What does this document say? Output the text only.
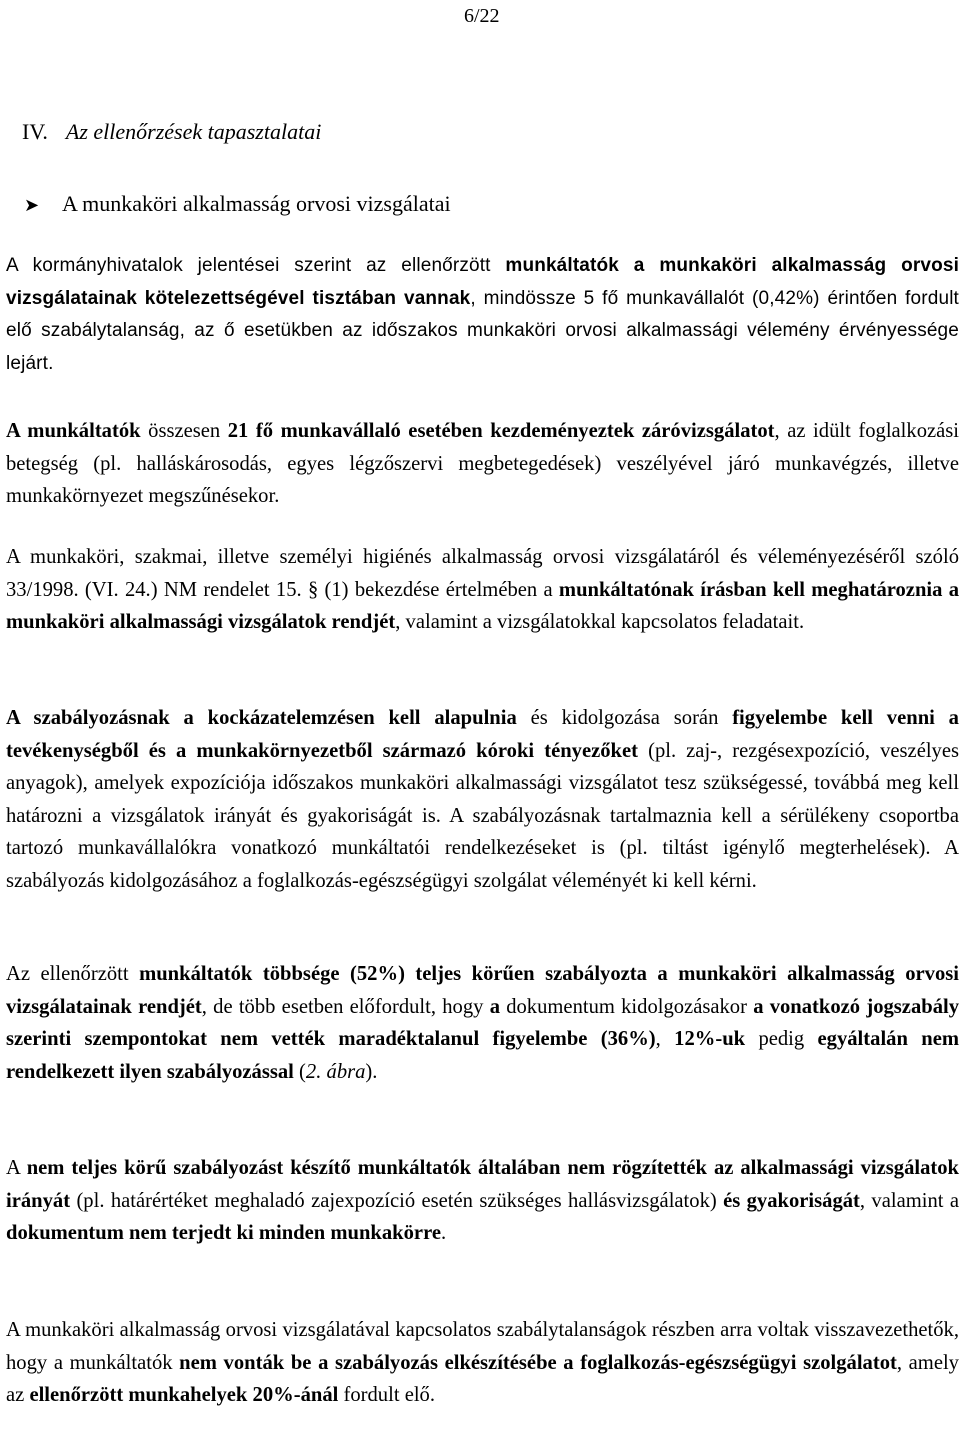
6/22
IV. Az ellenőrzések tapasztalatai
➤ A munkaköri alkalmasság orvosi vizsgálatai

A kormányhivatalok jelentései szerint az ellenőrzött munkáltatók a munkaköri alkalmasság orvosi vizsgálatainak kötelezettségével tisztában vannak, mindössze 5 fő munkavállalót (0,42%) érintően fordult elő szabálytalanság, az ő esetükben az időszakos munkaköri orvosi alkalmassági vélemény érvényessége lejárt.

A munkáltatók összesen 21 fő munkavállaló esetében kezdeményeztek záróvizsgálatot, az idült foglalkozási betegség (pl. halláskárosodás, egyes légzőszervi megbetegedések) veszélyével járó munkavégzés, illetve munkakörnyezet megszűnésekor.

A munkaköri, szakmai, illetve személyi higiénés alkalmasság orvosi vizsgálatáról és véleményezéséről szóló 33/1998. (VI. 24.) NM rendelet 15. § (1) bekezdése értelmében a munkáltatónak írásban kell meghatároznia a munkaköri alkalmassági vizsgálatok rendjét, valamint a vizsgálatokkal kapcsolatos feladatait.

A szabályozásnak a kockázatelemzésen kell alapulnia és kidolgozása során figyelembe kell venni a tevékenységből és a munkakörnyezetből származó kóroki tényezőket (pl. zaj-, rezgésexpozíció, veszélyes anyagok), amelyek expozíciója időszakos munkaköri alkalmassági vizsgálatot tesz szükségessé, továbbá meg kell határozni a vizsgálatok irányát és gyakoriságát is. A szabályozásnak tartalmaznia kell a sérülékeny csoportba tartozó munkavállalókra vonatkozó munkáltatói rendelkezéseket is (pl. tiltást igénylő megterhelések). A szabályozás kidolgozásához a foglalkozás-egészségügyi szolgálat véleményét ki kell kérni.

Az ellenőrzött munkáltatók többsége (52%) teljes körűen szabályozta a munkaköri alkalmasság orvosi vizsgálatainak rendjét, de több esetben előfordult, hogy a dokumentum kidolgozásakor a vonatkozó jogszabály szerinti szempontokat nem vették maradéktalanul figyelembe (36%), 12%-uk pedig egyáltalán nem rendelkezett ilyen szabályozással (2. ábra).

A nem teljes körű szabályozást készítő munkáltatók általában nem rögzítették az alkalmassági vizsgálatok irányát (pl. határértéket meghaladó zajexpozíció esetén szükséges hallásvizsgálatok) és gyakoriságát, valamint a dokumentum nem terjedt ki minden munkakörre.

A munkaköri alkalmasság orvosi vizsgálatával kapcsolatos szabálytalanságok részben arra voltak visszavezethetők, hogy a munkáltatók nem vonták be a szabályozás elkészítésébe a foglalkozás-egészségügyi szolgálatot, amely az ellenőrzött munkahelyek 20%-ánál fordult elő.
